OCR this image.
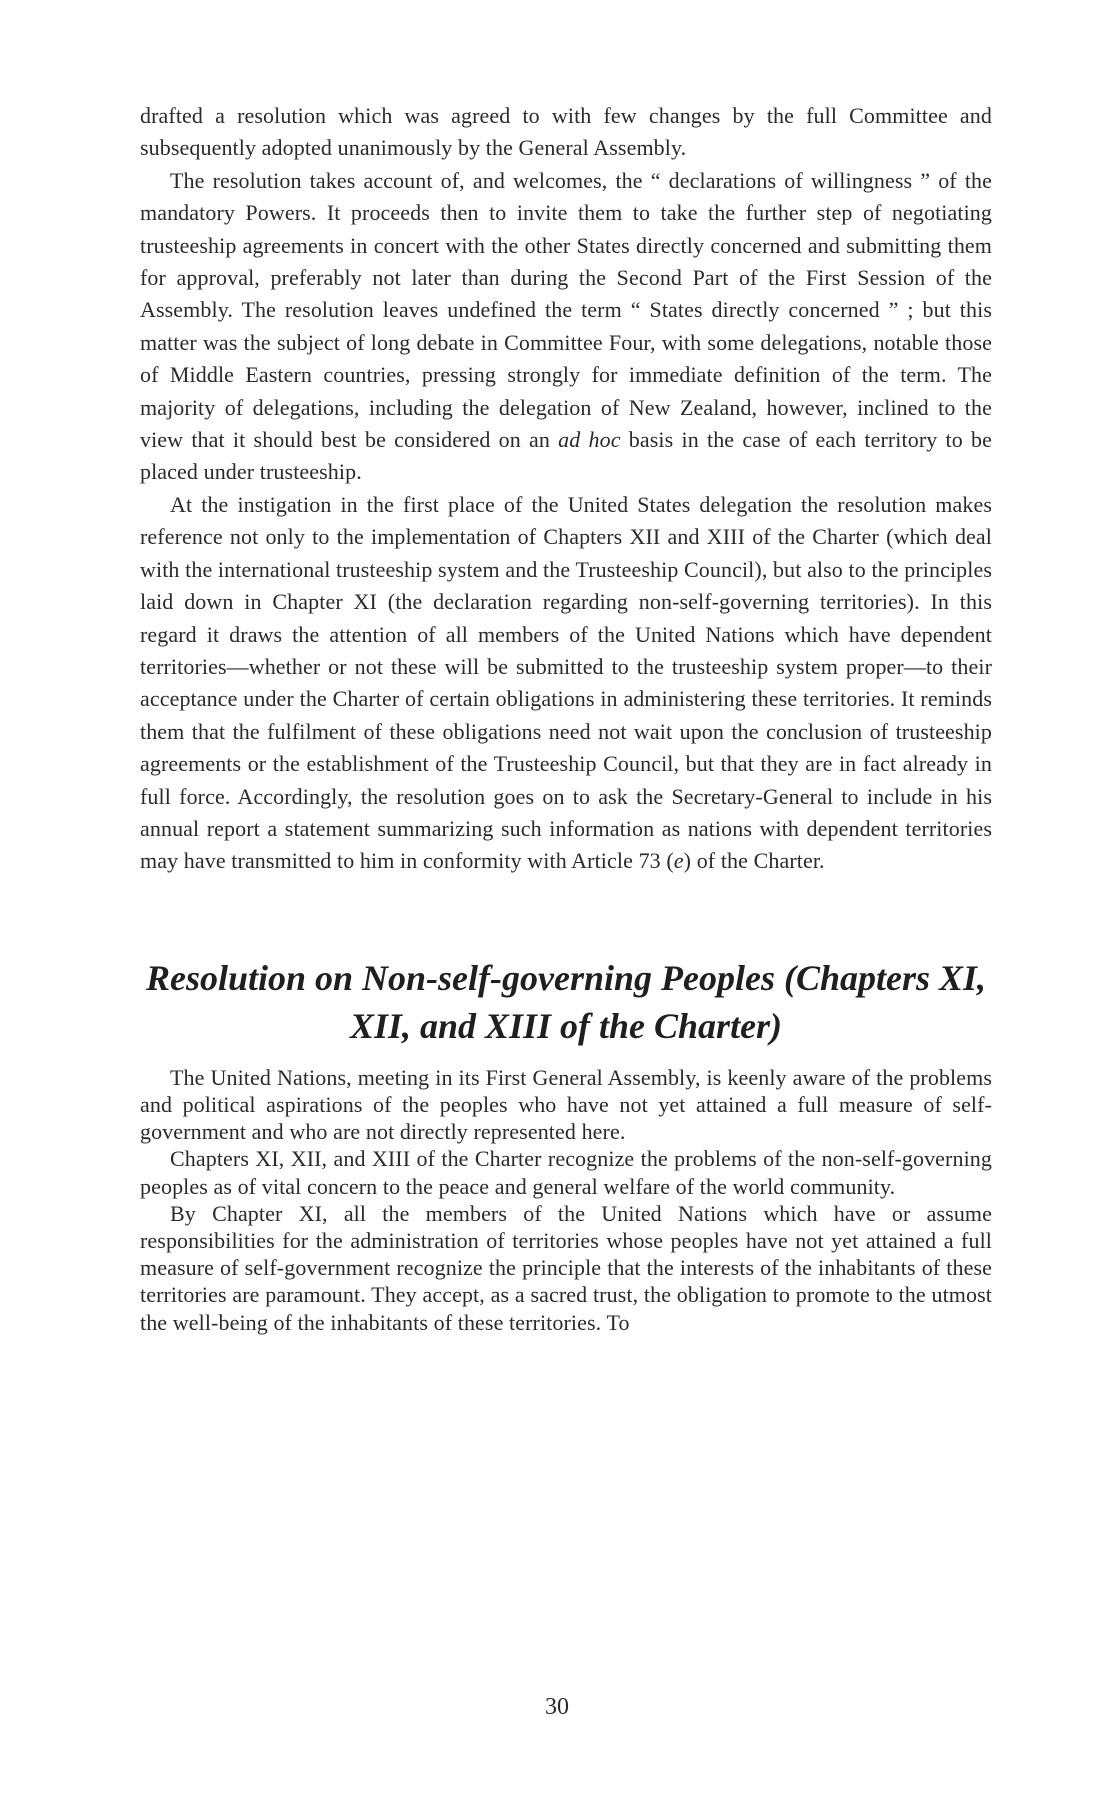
drafted a resolution which was agreed to with few changes by the full Committee and subsequently adopted unanimously by the General Assembly.

The resolution takes account of, and welcomes, the “ declarations of willingness ” of the mandatory Powers. It proceeds then to invite them to take the further step of negotiating trusteeship agreements in concert with the other States directly concerned and submitting them for approval, preferably not later than during the Second Part of the First Session of the Assembly. The resolution leaves undefined the term “ States directly concerned ” ; but this matter was the subject of long debate in Committee Four, with some delegations, notable those of Middle Eastern countries, pressing strongly for immediate definition of the term. The majority of delegations, including the delegation of New Zealand, however, inclined to the view that it should best be considered on an ad hoc basis in the case of each territory to be placed under trusteeship.

At the instigation in the first place of the United States delegation the resolution makes reference not only to the implementation of Chapters XII and XIII of the Charter (which deal with the international trusteeship system and the Trusteeship Council), but also to the principles laid down in Chapter XI (the declaration regarding non-self-governing territories). In this regard it draws the attention of all members of the United Nations which have dependent territories—whether or not these will be submitted to the trusteeship system proper—to their acceptance under the Charter of certain obligations in administering these territories. It reminds them that the fulfilment of these obligations need not wait upon the conclusion of trusteeship agreements or the establishment of the Trusteeship Council, but that they are in fact already in full force. Accordingly, the resolution goes on to ask the Secretary-General to include in his annual report a statement summarizing such information as nations with dependent territories may have transmitted to him in conformity with Article 73 (e) of the Charter.

Resolution on Non-self-governing Peoples (Chapters XI,
XII, and XIII of the Charter)

The United Nations, meeting in its First General Assembly, is keenly aware of the problems and political aspirations of the peoples who have not yet attained a full measure of self-government and who are not directly represented here.

Chapters XI, XII, and XIII of the Charter recognize the problems of the non-self-governing peoples as of vital concern to the peace and general welfare of the world community.

By Chapter XI, all the members of the United Nations which have or assume responsibilities for the administration of territories whose peoples have not yet attained a full measure of self-government recognize the principle that the interests of the inhabitants of these territories are paramount. They accept, as a sacred trust, the obligation to promote to the utmost the well-being of the inhabitants of these territories. To

30
